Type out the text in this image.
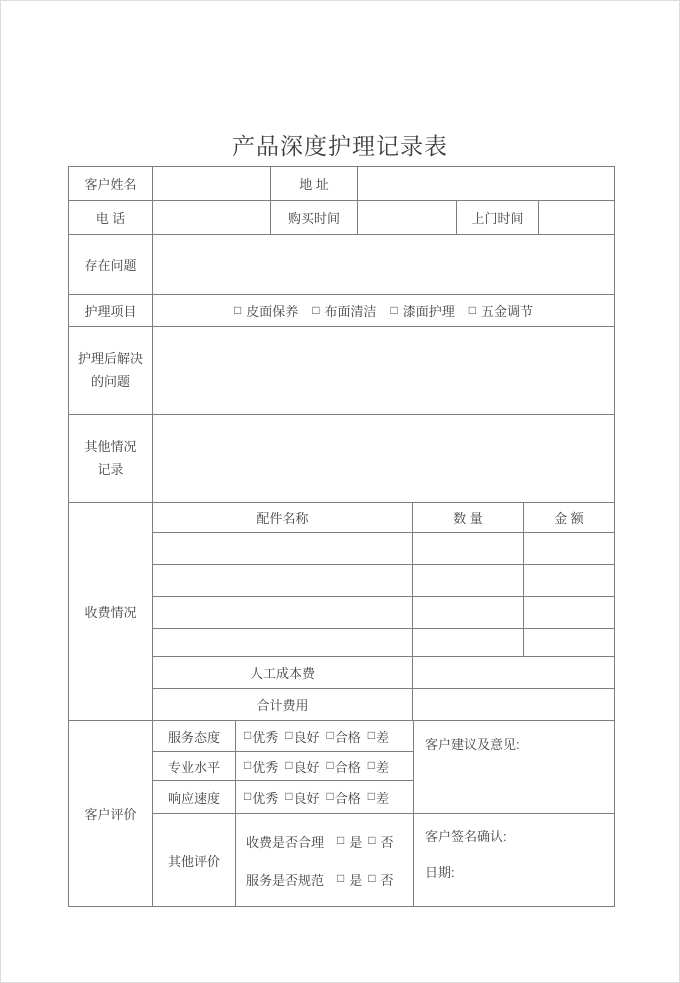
产品深度护理记录表
客户姓名	地 址
电 话	购买时间	上门时间
存在问题
护理项目	□ 皮面保养 □ 布面清洁 □ 漆面护理 □ 五金调节
护理后解决
的问题
其他情况
记录
收费情况
配件名称	数 量	金 额
人工成本费
合计费用
客户评价
服务态度	□ 优秀 □ 良好 □ 合格 □ 差
专业水平	□ 优秀 □ 良好 □ 合格 □ 差
响应速度	□ 优秀 □ 良好 □ 合格 □ 差
其他评价
收费是否合理 □ 是 □ 否
服务是否规范 □ 是 □ 否
客户建议及意见:
客户签名确认:
日期:
